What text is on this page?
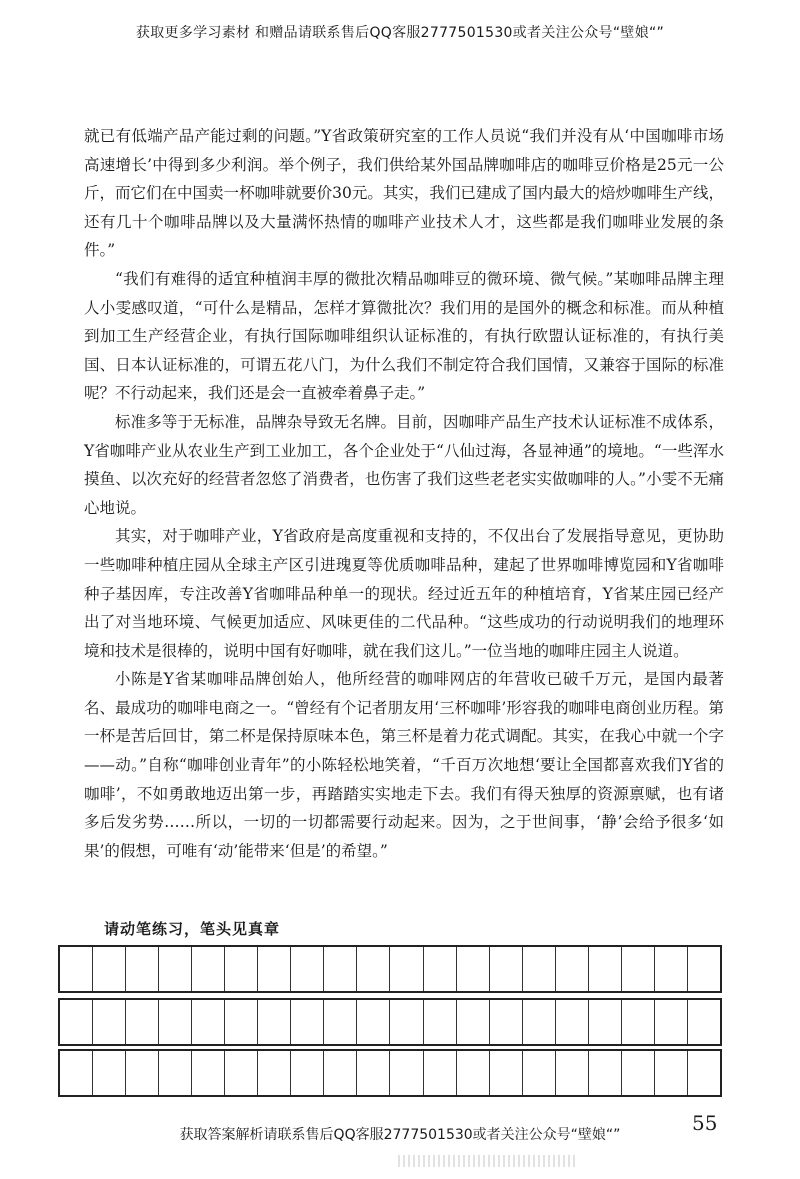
获取更多学习素材 和赠品请联系售后QQ客服2777501530或者关注公众号“壁娘“”

就已有低端产品产能过剩的问题。”Y省政策研究室的工作人员说“我们并没有从‘中国咖啡市场高速增长’中得到多少利润。举个例子，我们供给某外国品牌咖啡店的咖啡豆价格是25元一公斤，而它们在中国卖一杯咖啡就要价30元。其实，我们已建成了国内最大的焙炒咖啡生产线，还有几十个咖啡品牌以及大量满怀热情的咖啡产业技术人才，这些都是我们咖啡业发展的条件。”

“我们有难得的适宜种植润丰厚的微批次精品咖啡豆的微环境、微气候。”某咖啡品牌主理人小雯感叹道，“可什么是精品，怎样才算微批次？我们用的是国外的概念和标准。而从种植到加工生产经营企业，有执行国际咖啡组织认证标准的，有执行欧盟认证标准的，有执行美国、日本认证标准的，可谓五花八门，为什么我们不制定符合我们国情，又兼容于国际的标准呢？不行动起来，我们还是会一直被牵着鼻子走。”

标准多等于无标准，品牌杂导致无名牌。目前，因咖啡产品生产技术认证标准不成体系，Y省咖啡产业从农业生产到工业加工，各个企业处于“八仙过海，各显神通”的境地。“一些浑水摸鱼、以次充好的经营者忽悠了消费者，也伤害了我们这些老老实实做咖啡的人。”小雯不无痛心地说。

其实，对于咖啡产业，Y省政府是高度重视和支持的，不仅出台了发展指导意见，更协助一些咖啡种植庄园从全球主产区引进瑰夏等优质咖啡品种，建起了世界咖啡博览园和Y省咖啡种子基因库，专注改善Y省咖啡品种单一的现状。经过近五年的种植培育，Y省某庄园已经产出了对当地环境、气候更加适应、风味更佳的二代品种。“这些成功的行动说明我们的地理环境和技术是很棒的，说明中国有好咖啡，就在我们这儿。”一位当地的咖啡庄园主人说道。

小陈是Y省某咖啡品牌创始人，他所经营的咖啡网店的年营收已破千万元，是国内最著名、最成功的咖啡电商之一。“曾经有个记者朋友用‘三杯咖啡’形容我的咖啡电商创业历程。第一杯是苦后回甘，第二杯是保持原味本色，第三杯是着力花式调配。其实，在我心中就一个字——动。”自称“咖啡创业青年”的小陈轻松地笑着，“千百万次地想‘要让全国都喜欢我们Y省的咖啡’，不如勇敢地迈出第一步，再踏踏实实地走下去。我们有得天独厚的资源禀赋，也有诸多后发劣势……所以，一切的一切都需要行动起来。因为，之于世间事，‘静’会给予很多‘如果’的假想，可唯有‘动’能带来‘但是’的希望。”

请动笔练习，笔头见真章
55
获取答案解析请联系售后QQ客服2777501530或者关注公众号“壁娘“”
